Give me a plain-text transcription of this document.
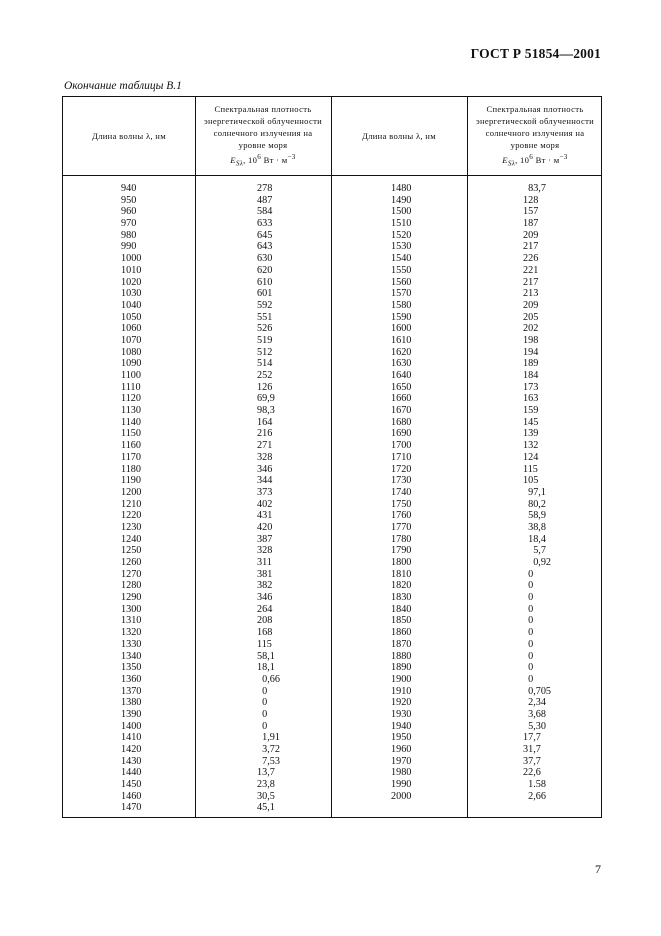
ГОСТ Р 51854—2001
Окончание таблицы В.1
Длина волны λ, нм
Спектральная плотность энергетической облученности солнечного излучения на уровне моря
$E_{S\lambda}$, $10^6$ Вт · $м^{-3}$
Длина волны λ, нм
Спектральная плотность энергетической облученности солнечного излучения на уровне моря
$E_{S\lambda}$, $10^6$ Вт · $м^{-3}$
940
950
960
970
980
990
1000
1010
1020
1030
1040
1050
1060
1070
1080
1090
1100
1110
1120
1130
1140
1150
1160
1170
1180
1190
1200
1210
1220
1230
1240
1250
1260
1270
1280
1290
1300
1310
1320
1330
1340
1350
1360
1370
1380
1390
1400
1410
1420
1430
1440
1450
1460
1470
278
487
584
633
645
643
630
620
610
601
592
551
526
519
512
514
252
126
69,9
98,3
164
216
271
328
346
344
373
402
431
420
387
328
311
381
382
346
264
208
168
115
58,1
18,1
0,66
0
0
0
0
1,91
3,72
7,53
13,7
23,8
30,5
45,1
1480
1490
1500
1510
1520
1530
1540
1550
1560
1570
1580
1590
1600
1610
1620
1630
1640
1650
1660
1670
1680
1690
1700
1710
1720
1730
1740
1750
1760
1770
1780
1790
1800
1810
1820
1830
1840
1850
1860
1870
1880
1890
1900
1910
1920
1930
1940
1950
1960
1970
1980
1990
2000
83,7
128
157
187
209
217
226
221
217
213
209
205
202
198
194
189
184
173
163
159
145
139
132
124
115
105
97,1
80,2
58,9
38,8
18,4
5,7
0,92
0
0
0
0
0
0
0
0
0
0
0,705
2,34
3,68
5,30
17,7
31,7
37,7
22,6
1.58
2,66
7
